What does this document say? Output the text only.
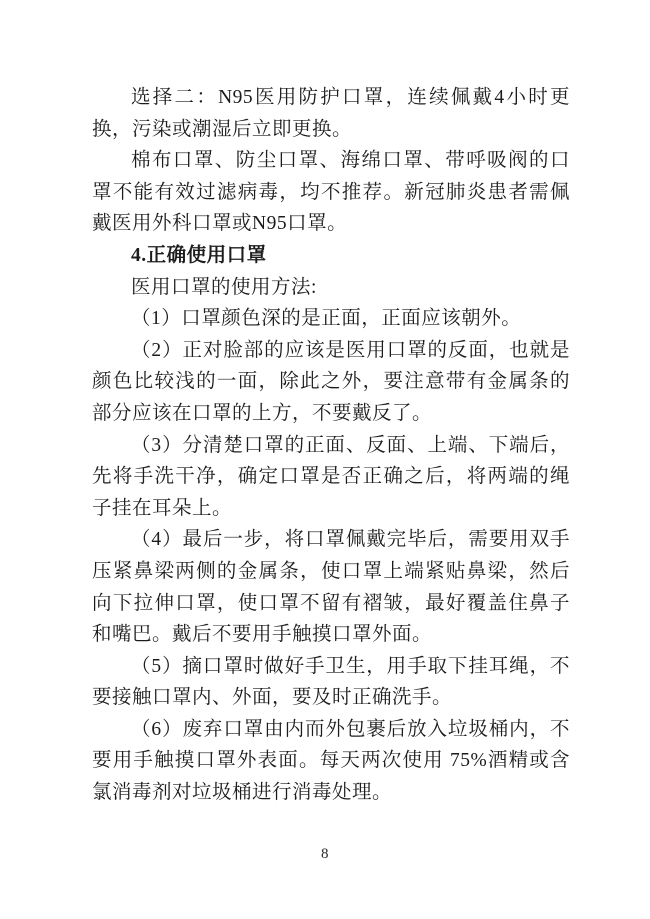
选择二：N95医用防护口罩，连续佩戴4小时更换，污染或潮湿后立即更换。

棉布口罩、防尘口罩、海绵口罩、带呼吸阀的口罩不能有效过滤病毒，均不推荐。新冠肺炎患者需佩戴医用外科口罩或N95口罩。

4.正确使用口罩

医用口罩的使用方法:

（1）口罩颜色深的是正面，正面应该朝外。

（2）正对脸部的应该是医用口罩的反面，也就是颜色比较浅的一面，除此之外，要注意带有金属条的部分应该在口罩的上方，不要戴反了。

（3）分清楚口罩的正面、反面、上端、下端后，先将手洗干净，确定口罩是否正确之后，将两端的绳子挂在耳朵上。

（4）最后一步，将口罩佩戴完毕后，需要用双手压紧鼻梁两侧的金属条，使口罩上端紧贴鼻梁，然后向下拉伸口罩，使口罩不留有褶皱，最好覆盖住鼻子和嘴巴。戴后不要用手触摸口罩外面。

（5）摘口罩时做好手卫生，用手取下挂耳绳，不要接触口罩内、外面，要及时正确洗手。

（6）废弃口罩由内而外包裹后放入垃圾桶内，不要用手触摸口罩外表面。每天两次使用 75%酒精或含氯消毒剂对垃圾桶进行消毒处理。

8
